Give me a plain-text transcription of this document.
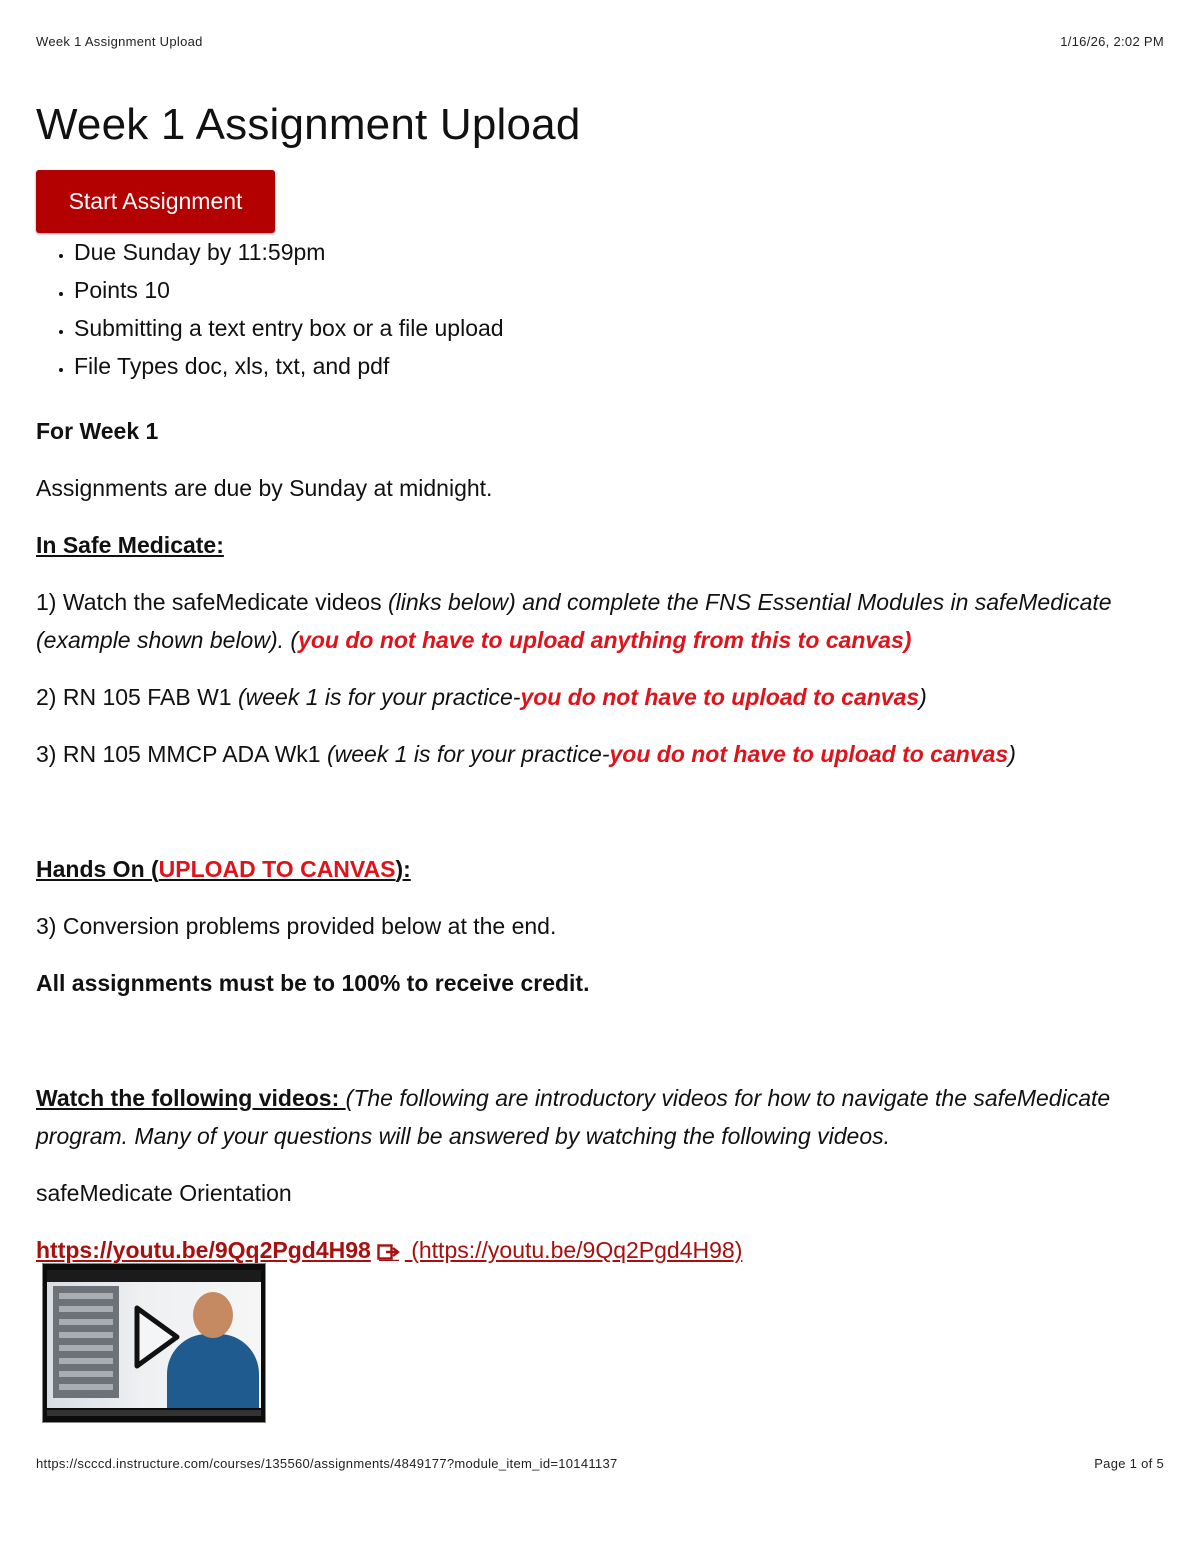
Week 1 Assignment Upload	1/16/26, 2:02 PM
Week 1 Assignment Upload
Start Assignment
• Due Sunday by 11:59pm
• Points 10
• Submitting a text entry box or a file upload
• File Types doc, xls, txt, and pdf

For Week 1

Assignments are due by Sunday at midnight.

In Safe Medicate:

1) Watch the safeMedicate videos (links below) and complete the FNS Essential Modules in safeMedicate (example shown below). (you do not have to upload anything from this to canvas)

2) RN 105 FAB W1 (week 1 is for your practice-you do not have to upload to canvas)

3) RN 105 MMCP ADA Wk1 (week 1 is for your practice-you do not have to upload to canvas)

Hands On (UPLOAD TO CANVAS):

3) Conversion problems provided below at the end.

All assignments must be to 100% to receive credit.

Watch the following videos: (The following are introductory videos for how to navigate the safeMedicate program. Many of your questions will be answered by watching the following videos.

safeMedicate Orientation

https://youtu.be/9Qq2Pgd4H98 (https://youtu.be/9Qq2Pgd4H98)

https://scccd.instructure.com/courses/135560/assignments/4849177?module_item_id=10141137	Page 1 of 5
